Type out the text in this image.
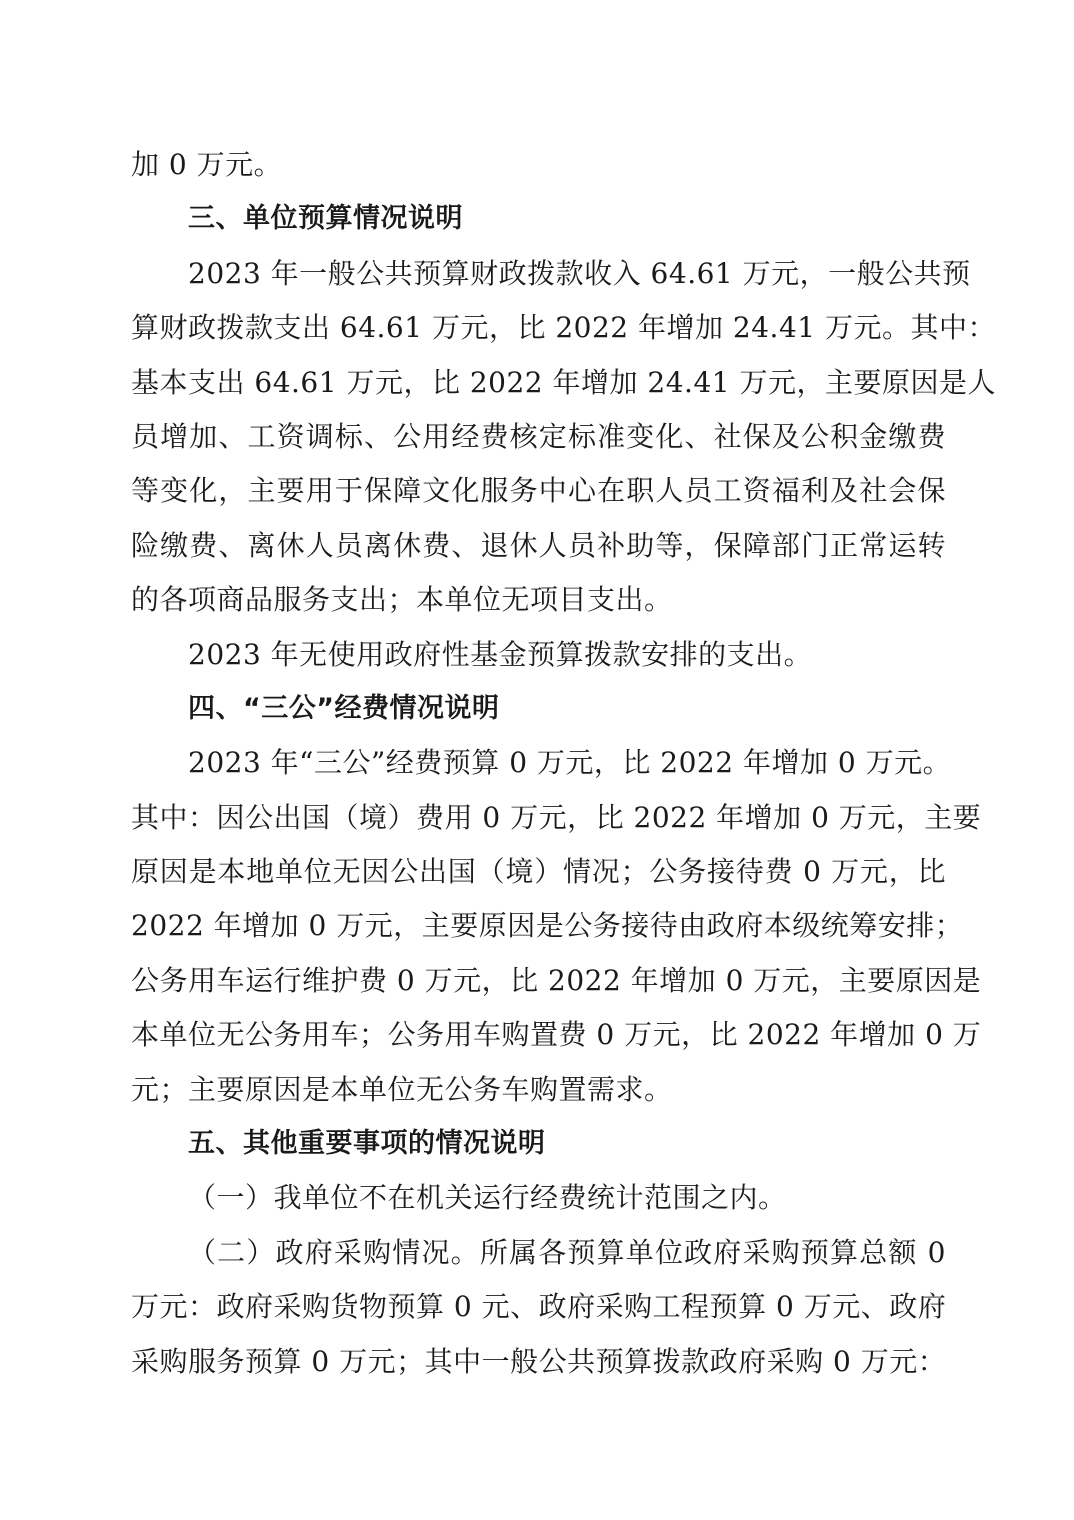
加 0 万元。
三、单位预算情况说明
2023 年一般公共预算财政拨款收入 64.61 万元，一般公共预
算财政拨款支出 64.61 万元，比 2022 年增加 24.41 万元。其中：
基本支出 64.61 万元，比 2022 年增加 24.41 万元，主要原因是人
员增加、工资调标、公用经费核定标准变化、社保及公积金缴费
等变化，主要用于保障文化服务中心在职人员工资福利及社会保
险缴费、离休人员离休费、退休人员补助等，保障部门正常运转
的各项商品服务支出；本单位无项目支出。
2023 年无使用政府性基金预算拨款安排的支出。
四、“三公”经费情况说明
2023 年“三公”经费预算 0 万元，比 2022 年增加 0 万元。
其中：因公出国（境）费用 0 万元，比 2022 年增加 0 万元，主要
原因是本地单位无因公出国（境）情况；公务接待费 0 万元，比
2022 年增加 0 万元，主要原因是公务接待由政府本级统筹安排；
公务用车运行维护费 0 万元，比 2022 年增加 0 万元，主要原因是
本单位无公务用车；公务用车购置费 0 万元，比 2022 年增加 0 万
元；主要原因是本单位无公务车购置需求。
五、其他重要事项的情况说明
（一）我单位不在机关运行经费统计范围之内。
（二）政府采购情况。所属各预算单位政府采购预算总额 0
万元：政府采购货物预算 0 元、政府采购工程预算 0 万元、政府
采购服务预算 0 万元；其中一般公共预算拨款政府采购 0 万元：
